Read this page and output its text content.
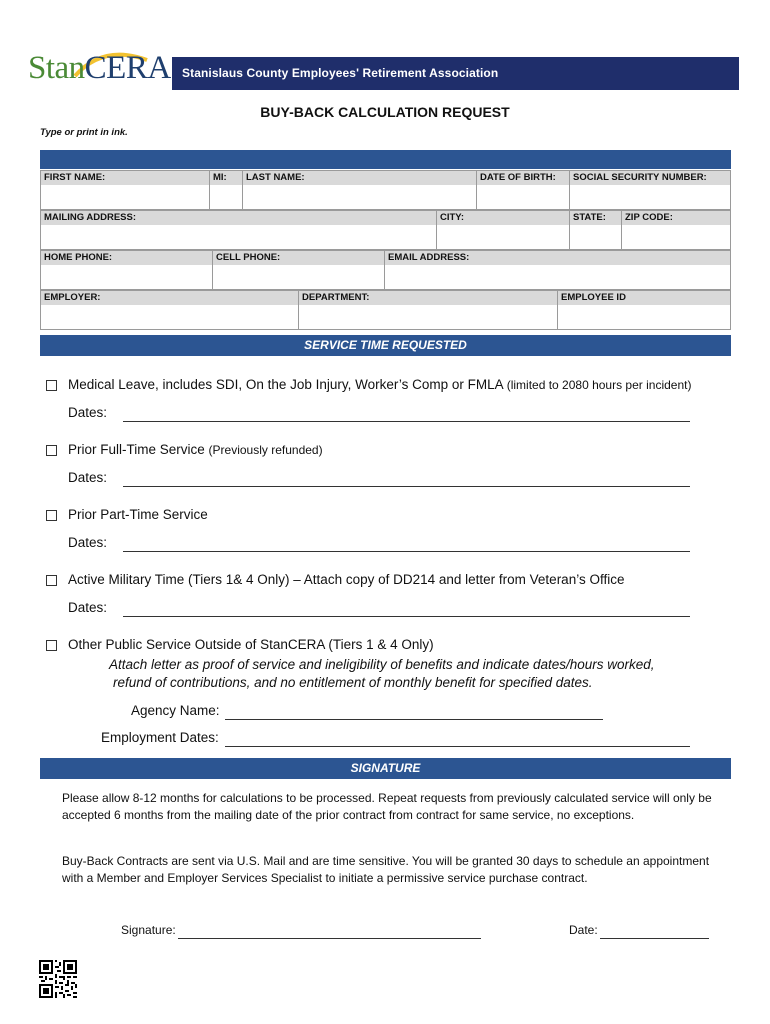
StanCERA Stanislaus County Employees' Retirement Association
BUY-BACK CALCULATION REQUEST
Type or print in ink.
FIRST NAME:	MI:	LAST NAME:	DATE OF BIRTH:	SOCIAL SECURITY NUMBER:
MAILING ADDRESS:	CITY:	STATE:	ZIP CODE:
HOME PHONE:	CELL PHONE:	EMAIL ADDRESS:
EMPLOYER:	DEPARTMENT:	EMPLOYEE ID
SERVICE TIME REQUESTED
Medical Leave, includes SDI, On the Job Injury, Worker’s Comp or FMLA (limited to 2080 hours per incident)
Dates:
Prior Full-Time Service (Previously refunded)
Dates:
Prior Part-Time Service
Dates:
Active Military Time (Tiers 1& 4 Only) – Attach copy of DD214 and letter from Veteran’s Office
Dates:
Other Public Service Outside of StanCERA (Tiers 1 & 4 Only)
Attach letter as proof of service and ineligibility of benefits and indicate dates/hours worked,
refund of contributions, and no entitlement of monthly benefit for specified dates.
Agency Name:
Employment Dates:
SIGNATURE
Please allow 8-12 months for calculations to be processed. Repeat requests from previously calculated service will only be accepted 6 months from the mailing date of the prior contract from contract for same service, no exceptions.
Buy-Back Contracts are sent via U.S. Mail and are time sensitive. You will be granted 30 days to schedule an appointment with a Member and Employer Services Specialist to initiate a permissive service purchase contract.
Signature:	Date:
